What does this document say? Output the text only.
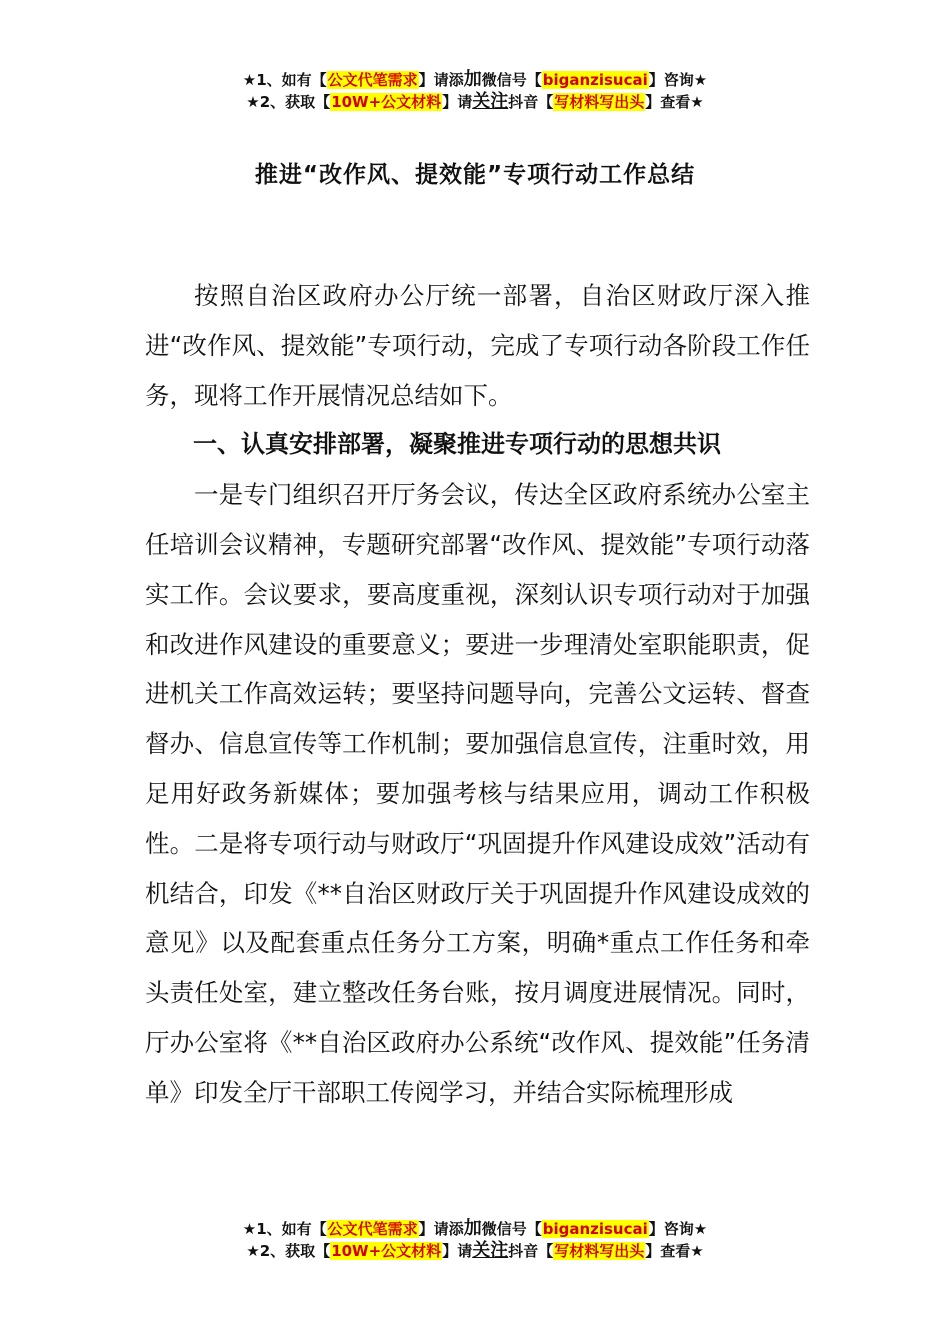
★1、如有【公文代笔需求】请添加微信号【biganzisucai】咨询★
★2、获取【10W+公文材料】请关注抖音【写材料写出头】查看★
推进“改作风、提效能”专项行动工作总结

按照自治区政府办公厅统一部署，自治区财政厅深入推进“改作风、提效能”专项行动，完成了专项行动各阶段工作任务，现将工作开展情况总结如下。

一、认真安排部署，凝聚推进专项行动的思想共识

一是专门组织召开厅务会议，传达全区政府系统办公室主任培训会议精神，专题研究部署“改作风、提效能”专项行动落实工作。会议要求，要高度重视，深刻认识专项行动对于加强和改进作风建设的重要意义；要进一步理清处室职能职责，促进机关工作高效运转；要坚持问题导向，完善公文运转、督查督办、信息宣传等工作机制；要加强信息宣传，注重时效，用足用好政务新媒体；要加强考核与结果应用，调动工作积极性。二是将专项行动与财政厅“巩固提升作风建设成效”活动有机结合，印发《**自治区财政厅关于巩固提升作风建设成效的意见》以及配套重点任务分工方案，明确*重点工作任务和牵头责任处室，建立整改任务台账，按月调度进展情况。同时，厅办公室将《**自治区政府办公系统“改作风、提效能”任务清单》印发全厅干部职工传阅学习，并结合实际梳理形成

★1、如有【公文代笔需求】请添加微信号【biganzisucai】咨询★
★2、获取【10W+公文材料】请关注抖音【写材料写出头】查看★
